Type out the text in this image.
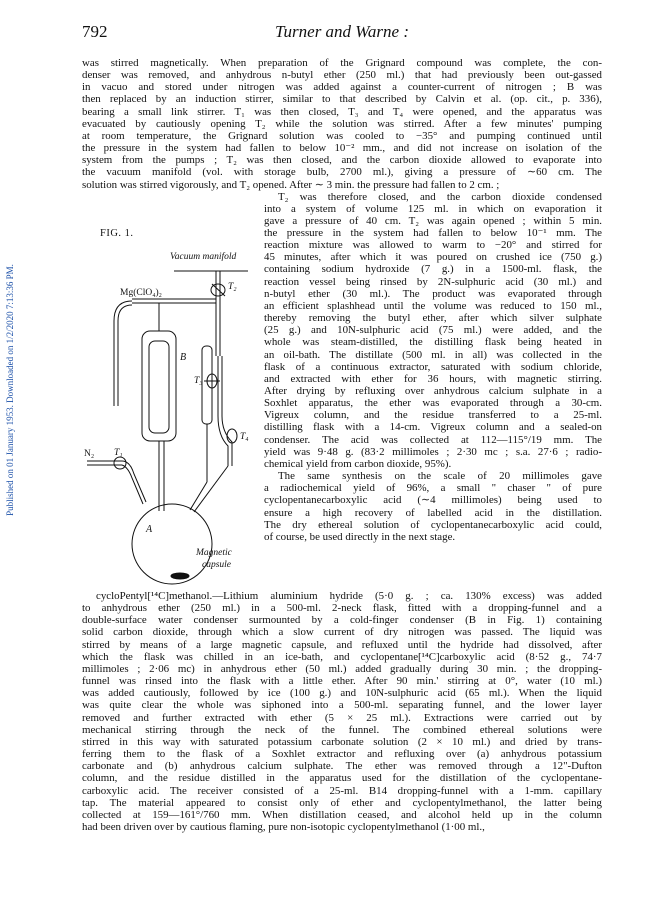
792	Turner and Warne :
Published on 01 January 1953. Downloaded on 1/2/2020 7:13:36 PM.
was stirred magnetically. When preparation of the Grignard compound was complete, the con-
denser was removed, and anhydrous n-butyl ether (250 ml.) that had previously been out-gassed
in vacuo and stored under nitrogen was added against a counter-current of nitrogen ; B was
then replaced by an induction stirrer, similar to that described by Calvin et al. (op. cit., p. 336),
bearing a small link stirrer. T₁ was then closed, T₃ and T₄ were opened, and the apparatus was
evacuated by cautiously opening T₂ while the solution was stirred. After a few minutes' pumping
at room temperature, the Grignard solution was cooled to −35° and pumping continued until
the pressure in the system had fallen to below 10⁻² mm., and did not increase on isolation of the
system from the pumps ; T₂ was then closed, and the carbon dioxide allowed to evaporate into
the vacuum manifold (vol. with storage bulb, 2700 ml.), giving a pressure of ∼60 cm. The
solution was stirred vigorously, and T₂ opened. After ∼ 3 min. the pressure had fallen to 2 cm. ;
T₂ was therefore closed, and the carbon dioxide condensed
into a system of volume 125 ml. in which on evaporation it
gave a pressure of 40 cm. T₂ was again opened ; within 5 min.
the pressure in the system had fallen to below 10⁻¹ mm. The
reaction mixture was allowed to warm to −20° and stirred for
45 minutes, after which it was poured on crushed ice (750 g.)
containing sodium hydroxide (7 g.) in a 1500-ml. flask, the
reaction vessel being rinsed by 2N-sulphuric acid (30 ml.) and
n-butyl ether (30 ml.). The product was evaporated through
an efficient splashhead until the volume was reduced to 150 ml.,
thereby removing the butyl ether, after which silver sulphate
(25 g.) and 10N-sulphuric acid (75 ml.) were added, and the
whole was steam-distilled, the distilling flask being heated in
an oil-bath. The distillate (500 ml. in all) was collected in the
flask of a continuous extractor, saturated with sodium chloride,
and extracted with ether for 36 hours, with magnetic stirring.
After drying by refluxing over anhydrous calcium sulphate in a
Soxhlet apparatus, the ether was evaporated through a 30-cm.
Vigreux column, and the residue transferred to a 25-ml.
distilling flask with a 14-cm. Vigreux column and a sealed-on
condenser. The acid was collected at 112—115°/19 mm. The
yield was 9·48 g. (83·2 millimoles ; 2·30 mc ; s.a. 27·6 ; radio-
chemical yield from carbon dioxide, 95%).
The same synthesis on the scale of 20 millimoles gave
a radiochemical yield of 96%, a small " chaser " of pure
cyclopentanecarboxylic acid (∼4 millimoles) being used to
ensure a high recovery of labelled acid in the distillation.
The dry ethereal solution of cyclopentanecarboxylic acid could,
of course, be used directly in the next stage.
cycloPentyl[¹⁴C]methanol.—Lithium aluminium hydride (5·0 g. ; ca. 130% excess) was added
to anhydrous ether (250 ml.) in a 500-ml. 2-neck flask, fitted with a dropping-funnel and a
double-surface water condenser surmounted by a cold-finger condenser (B in Fig. 1) containing
solid carbon dioxide, through which a slow current of dry nitrogen was passed. The liquid was
stirred by means of a large magnetic capsule, and refluxed until the hydride had dissolved, after
which the flask was chilled in an ice-bath, and cyclopentane[¹⁴C]carboxylic acid (8·52 g., 74·7
millimoles ; 2·06 mc) in anhydrous ether (50 ml.) added gradually during 30 min. ; the dropping-
funnel was rinsed into the flask with a little ether. After 90 min.' stirring at 0°, water (10 ml.)
was added cautiously, followed by ice (100 g.) and 10N-sulphuric acid (65 ml.). When the liquid
was quite clear the whole was siphoned into a 500-ml. separating funnel, and the lower layer
removed and further extracted with ether (5 × 25 ml.). Extractions were carried out by
mechanical stirring through the neck of the funnel. The combined ethereal solutions were
stirred in this way with saturated potassium carbonate solution (2 × 10 ml.) and dried by trans-
ferring them to the flask of a Soxhlet extractor and refluxing over (a) anhydrous potassium
carbonate and (b) anhydrous calcium sulphate. The ether was removed through a 12"-Dufton
column, and the residue distilled in the apparatus used for the distillation of the cyclopentane-
carboxylic acid. The receiver consisted of a 25-ml. B14 dropping-funnel with a 1-mm. capillary
tap. The material appeared to consist only of ether and cyclopentylmethanol, the latter being
collected at 159—161°/760 mm. When distillation ceased, and alcohol held up in the column
had been driven over by cautious flaming, pure non-isotopic cyclopentylmethanol (1·00 ml.,
FIG. 1.
Vacuum manifold
T₂
Mg(ClO₄)₂
B
T₃
T₄
N₂ T₁
A
Magnetic
capsule
